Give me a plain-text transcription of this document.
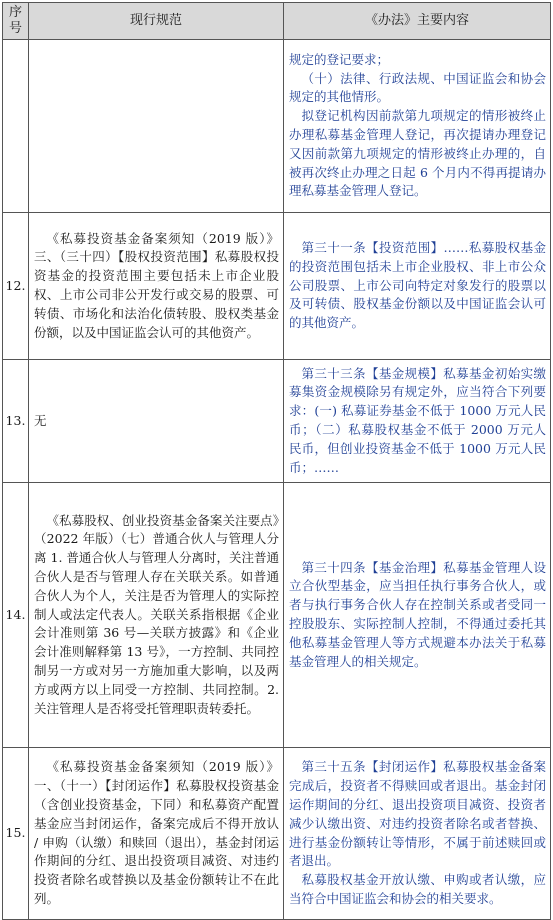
序
号	现行规范	《办法》主要内容

		规定的登记要求；
（十）法律、行政法规、中国证监会和协会规定的其他情形。
拟登记机构因前款第九项规定的情形被终止办理私募基金管理人登记，再次提请办理登记又因前款第九项规定的情形被终止办理的，自被再次终止办理之日起 6 个月内不得再提请办理私募基金管理人登记。

12.	《私募投资基金备案须知（2019 版）》三、（三十四）【股权投资范围】私募股权投资基金的投资范围主要包括未上市企业股权、上市公司非公开发行或交易的股票、可转债、市场化和法治化债转股、股权类基金份额，以及中国证监会认可的其他资产。	第三十一条【投资范围】……私募股权基金的投资范围包括未上市企业股权、非上市公众公司股票、上市公司向特定对象发行的股票以及可转债、股权基金份额以及中国证监会认可的其他资产。

13.	无	第三十三条【基金规模】私募基金初始实缴募集资金规模除另有规定外，应当符合下列要求：(一) 私募证券基金不低于 1000 万元人民币；（二）私募股权基金不低于 2000 万元人民币，但创业投资基金不低于 1000 万元人民币；……

14.	《私募股权、创业投资基金备案关注要点》（2022 年版）（七）普通合伙人与管理人分离 1. 普通合伙人与管理人分离时，关注普通合伙人是否与管理人存在关联关系。如普通合伙人为个人，关注是否为管理人的实际控制人或法定代表人。关联关系指根据《企业会计准则第 36 号—关联方披露》和《企业会计准则解释第 13 号》，一方控制、共同控制另一方或对另一方施加重大影响，以及两方或两方以上同受一方控制、共同控制。2. 关注管理人是否将受托管理职责转委托。	第三十四条【基金治理】私募基金管理人设立合伙型基金，应当担任执行事务合伙人，或者与执行事务合伙人存在控制关系或者受同一控股股东、实际控制人控制，不得通过委托其他私募基金管理人等方式规避本办法关于私募基金管理人的相关规定。

15.	《私募投资基金备案须知（2019 版）》一、（十一）【封闭运作】私募股权投资基金（含创业投资基金，下同）和私募资产配置基金应当封闭运作，备案完成后不得开放认 / 申购（认缴）和赎回（退出），基金封闭运作期间的分红、退出投资项目减资、对违约投资者除名或替换以及基金份额转让不在此列。	第三十五条【封闭运作】私募股权基金备案完成后，投资者不得赎回或者退出。基金封闭运作期间的分红、退出投资项目减资、投资者减少认缴出资、对违约投资者除名或者替换、进行基金份额转让等情形，不属于前述赎回或者退出。
私募股权基金开放认缴、申购或者认缴，应当符合中国证监会和协会的相关要求。
